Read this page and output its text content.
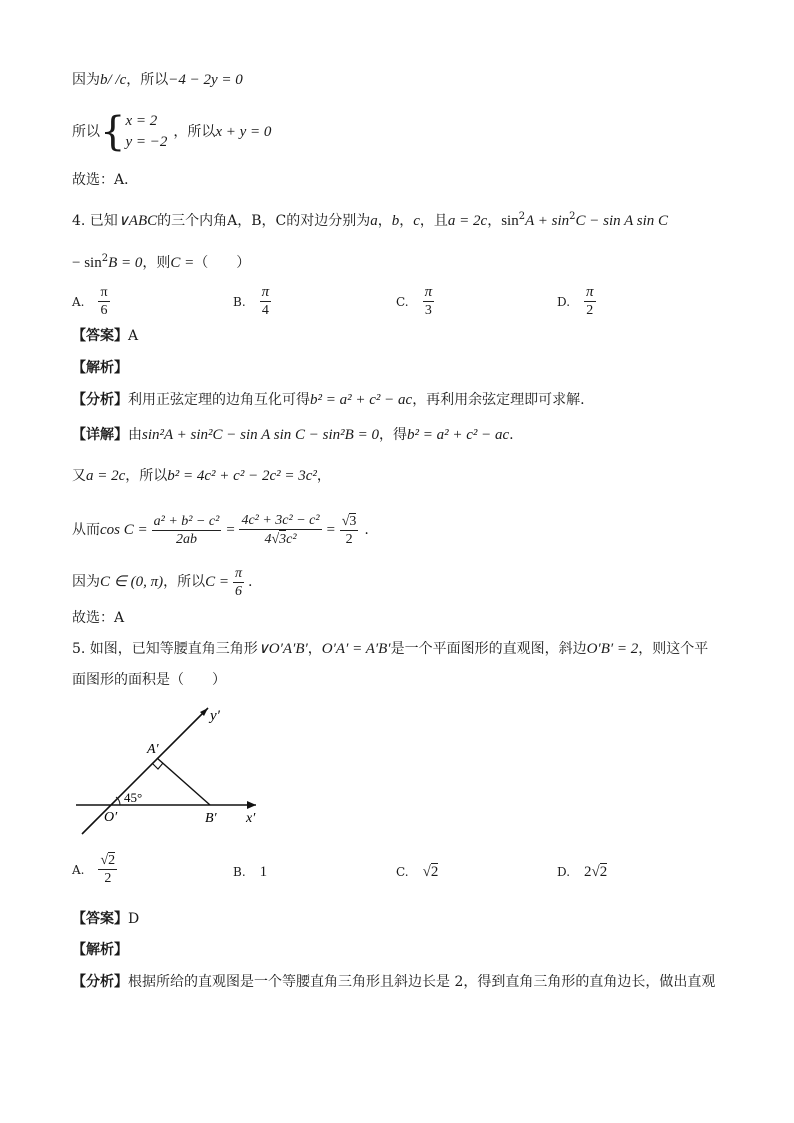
因为b/ /c，所以−4 − 2y = 0
所以 { x = 2
y = −2
，所以 x + y = 0
故选：A．
4. 已知∨ABC的三个内角A，B，C的对边分别为a，b，c，且a = 2c，$\sin^2A + \sin^2C - \sin A$ sin C
− $\sin^2B = 0$，则C =（　　）
A. $\frac{\pi}{6}$	B. $\frac{\pi}{4}$	C. $\frac{\pi}{3}$	D. $\frac{\pi}{2}$
【答案】A
【解析】
【分析】利用正弦定理的边角互化可得b² = a² + c² − ac，再利用余弦定理即可求解.
【详解】由sin²A + sin²C − sin A sin C − sin²B = 0，得b² = a² + c² − ac.
又a = 2c，所以b² = 4c² + c² − 2c² = 3c²，
从而 $\cos C = \frac{\text{a² + b² − c²}}{2ab} = \frac{\text{4c² + 3c² − c²}}{\text{4√3c²}} = \frac{√3}{2}$ .
因为 C ∈ (0, π) ，所以 $C = \frac{\pi}{6}$ .
故选：A
5. 如图，已知等腰直角三角形∨O′A′B′，O′A′ = A′B′是一个平面图形的直观图，斜边O′B′ = 2，则这个平
面图形的面积是（　　）
y′
A′
45°
O′	B′ x′
A. $\frac{√2}{2}$	B. 1	C. √2	D. 2√2
【答案】D
【解析】
【分析】根据所给的直观图是一个等腰直角三角形且斜边长是 2，得到直角三角形的直角边长，做出直观
